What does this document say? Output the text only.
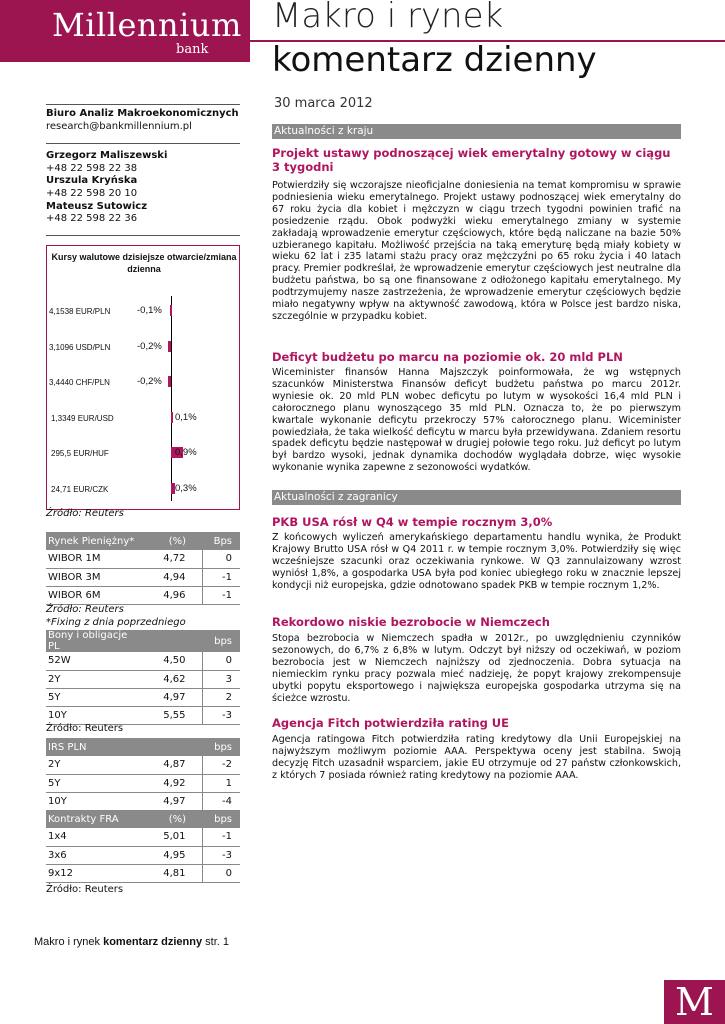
Millennium
bank
Makro i rynek
komentarz dzienny
Biuro Analiz Makroekonomicznych
research@bankmillennium.pl
Grzegorz Maliszewski
+48 22 598 22 38
Urszula Kryńska
+48 22 598 20 10
Mateusz Sutowicz
+48 22 598 22 36
Kursy walutowe dzisiejsze otwarcie/zmiana dzienna
4,1538 EUR/PLN	-0,1%
3,1096 USD/PLN	-0,2%
3,4440 CHF/PLN	-0,2%
1,3349 EUR/USD	0,1%
295,5 EUR/HUF	0,9%
24,71 EUR/CZK	0,3%
Źródło: Reuters
Rynek Pieniężny*	(%)	Bps
WIBOR 1M	4,72	0
WIBOR 3M	4,94	-1
WIBOR 6M	4,96	-1
Źródło: Reuters
*Fixing z dnia poprzedniego
Bony i obligacje PL		bps
52W	4,50	0
2Y	4,62	3
5Y	4,97	2
10Y	5,55	-3
Źródło: Reuters
IRS PLN		bps
2Y	4,87	-2
5Y	4,92	1
10Y	4,97	-4
Kontrakty FRA	(%)	bps
1x4	5,01	-1
3x6	4,95	-3
9x12	4,81	0
Źródło: Reuters
30 marca 2012
Aktualności z kraju
Projekt ustawy podnoszącej wiek emerytalny gotowy w ciągu 3 tygodni
Potwierdziły się wczorajsze nieoficjalne doniesienia na temat kompromisu w sprawie podniesienia wieku emerytalnego. Projekt ustawy podnoszącej wiek emerytalny do 67 roku życia dla kobiet i mężczyzn w ciągu trzech tygodni powinien trafić na posiedzenie rządu. Obok podwyżki wieku emerytalnego zmiany w systemie zakładają wprowadzenie emerytur częściowych, które będą naliczane na bazie 50% uzbieranego kapitału. Możliwość przejścia na taką emeryturę będą miały kobiety w wieku 62 lat i z35 latami stażu pracy oraz mężczyźni po 65 roku życia i 40 latach pracy. Premier podkreślał, że wprowadzenie emerytur częściowych jest neutralne dla budżetu państwa, bo są one finansowane z odłożonego kapitału emerytalnego. My podtrzymujemy nasze zastrzeżenia, że wprowadzenie emerytur częściowych będzie miało negatywny wpływ na aktywność zawodową, która w Polsce jest bardzo niska, szczególnie w przypadku kobiet.
Deficyt budżetu po marcu na poziomie ok. 20 mld PLN
Wiceminister finansów Hanna Majszczyk poinformowała, że wg wstępnych szacunków Ministerstwa Finansów deficyt budżetu państwa po marcu 2012r. wyniesie ok. 20 mld PLN wobec deficytu po lutym w wysokości 16,4 mld PLN i całorocznego planu wynoszącego 35 mld PLN. Oznacza to, że po pierwszym kwartale wykonanie deficytu przekroczy 57% całorocznego planu. Wiceminister powiedziała, że taka wielkość deficytu w marcu była przewidywana. Zdaniem resortu spadek deficytu będzie następował w drugiej połowie tego roku. Już deficyt po lutym był bardzo wysoki, jednak dynamika dochodów wyglądała dobrze, więc wysokie wykonanie wynika zapewne z sezonowości wydatków.
Aktualności z zagranicy
PKB USA rósł w Q4 w tempie rocznym 3,0%
Z końcowych wyliczeń amerykańskiego departamentu handlu wynika, że Produkt Krajowy Brutto USA rósł w Q4 2011 r. w tempie rocznym 3,0%. Potwierdziły się więc wcześniejsze szacunki oraz oczekiwania rynkowe. W Q3 zannulaizowany wzrost wyniósł 1,8%, a gospodarka USA była pod koniec ubiegłego roku w znacznie lepszej kondycji niż europejska, gdzie odnotowano spadek PKB w tempie rocznym 1,2%.
Rekordowo niskie bezrobocie w Niemczech
Stopa bezrobocia w Niemczech spadła w 2012r., po uwzględnieniu czynników sezonowych, do 6,7% z 6,8% w lutym. Odczyt był niższy od oczekiwań, w poziom bezrobocia jest w Niemczech najniższy od zjednoczenia. Dobra sytuacja na niemieckim rynku pracy pozwala mieć nadzieję, że popyt krajowy zrekompensuje ubytki popytu eksportowego i największa europejska gospodarka utrzyma się na ścieżce wzrostu.
Agencja Fitch potwierdziła rating UE
Agencja ratingowa Fitch potwierdziła rating kredytowy dla Unii Europejskiej na najwyższym możliwym poziomie AAA. Perspektywa oceny jest stabilna. Swoją decyzję Fitch uzasadnił wsparciem, jakie EU otrzymuje od 27 państw członkowskich, z których 7 posiada również rating kredytowy na poziomie AAA.
Makro i rynek komentarz dzienny str. 1
M
